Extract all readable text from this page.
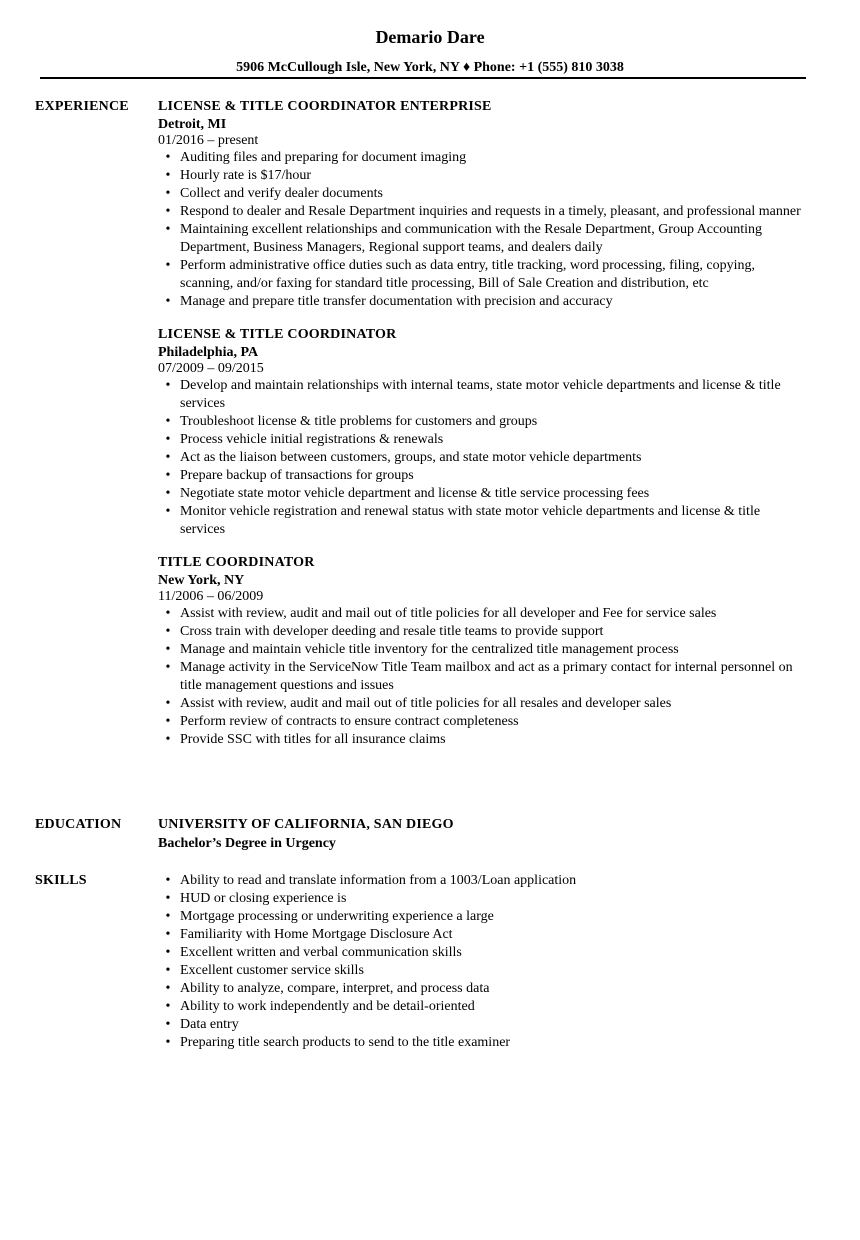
Demario Dare
5906 McCullough Isle, New York, NY ♦ Phone: +1 (555) 810 3038
EXPERIENCE LICENSE & TITLE COORDINATOR ENTERPRISE
Detroit, MI
01/2016 – present
• Auditing files and preparing for document imaging
• Hourly rate is $17/hour
• Collect and verify dealer documents
• Respond to dealer and Resale Department inquiries and requests in a timely, pleasant, and professional manner
• Maintaining excellent relationships and communication with the Resale Department, Group Accounting Department, Business Managers, Regional support teams, and dealers daily
• Perform administrative office duties such as data entry, title tracking, word processing, filing, copying, scanning, and/or faxing for standard title processing, Bill of Sale Creation and distribution, etc
• Manage and prepare title transfer documentation with precision and accuracy
LICENSE & TITLE COORDINATOR
Philadelphia, PA
07/2009 – 09/2015
• Develop and maintain relationships with internal teams, state motor vehicle departments and license & title services
• Troubleshoot license & title problems for customers and groups
• Process vehicle initial registrations & renewals
• Act as the liaison between customers, groups, and state motor vehicle departments
• Prepare backup of transactions for groups
• Negotiate state motor vehicle department and license & title service processing fees
• Monitor vehicle registration and renewal status with state motor vehicle departments and license & title services
TITLE COORDINATOR
New York, NY
11/2006 – 06/2009
• Assist with review, audit and mail out of title policies for all developer and Fee for service sales
• Cross train with developer deeding and resale title teams to provide support
• Manage and maintain vehicle title inventory for the centralized title management process
• Manage activity in the ServiceNow Title Team mailbox and act as a primary contact for internal personnel on title management questions and issues
• Assist with review, audit and mail out of title policies for all resales and developer sales
• Perform review of contracts to ensure contract completeness
• Provide SSC with titles for all insurance claims
EDUCATION	UNIVERSITY OF CALIFORNIA, SAN DIEGO
Bachelor’s Degree in Urgency
SKILLS	• Ability to read and translate information from a 1003/Loan application
• HUD or closing experience is
• Mortgage processing or underwriting experience a large
• Familiarity with Home Mortgage Disclosure Act
• Excellent written and verbal communication skills
• Excellent customer service skills
• Ability to analyze, compare, interpret, and process data
• Ability to work independently and be detail-oriented
• Data entry
• Preparing title search products to send to the title examiner
